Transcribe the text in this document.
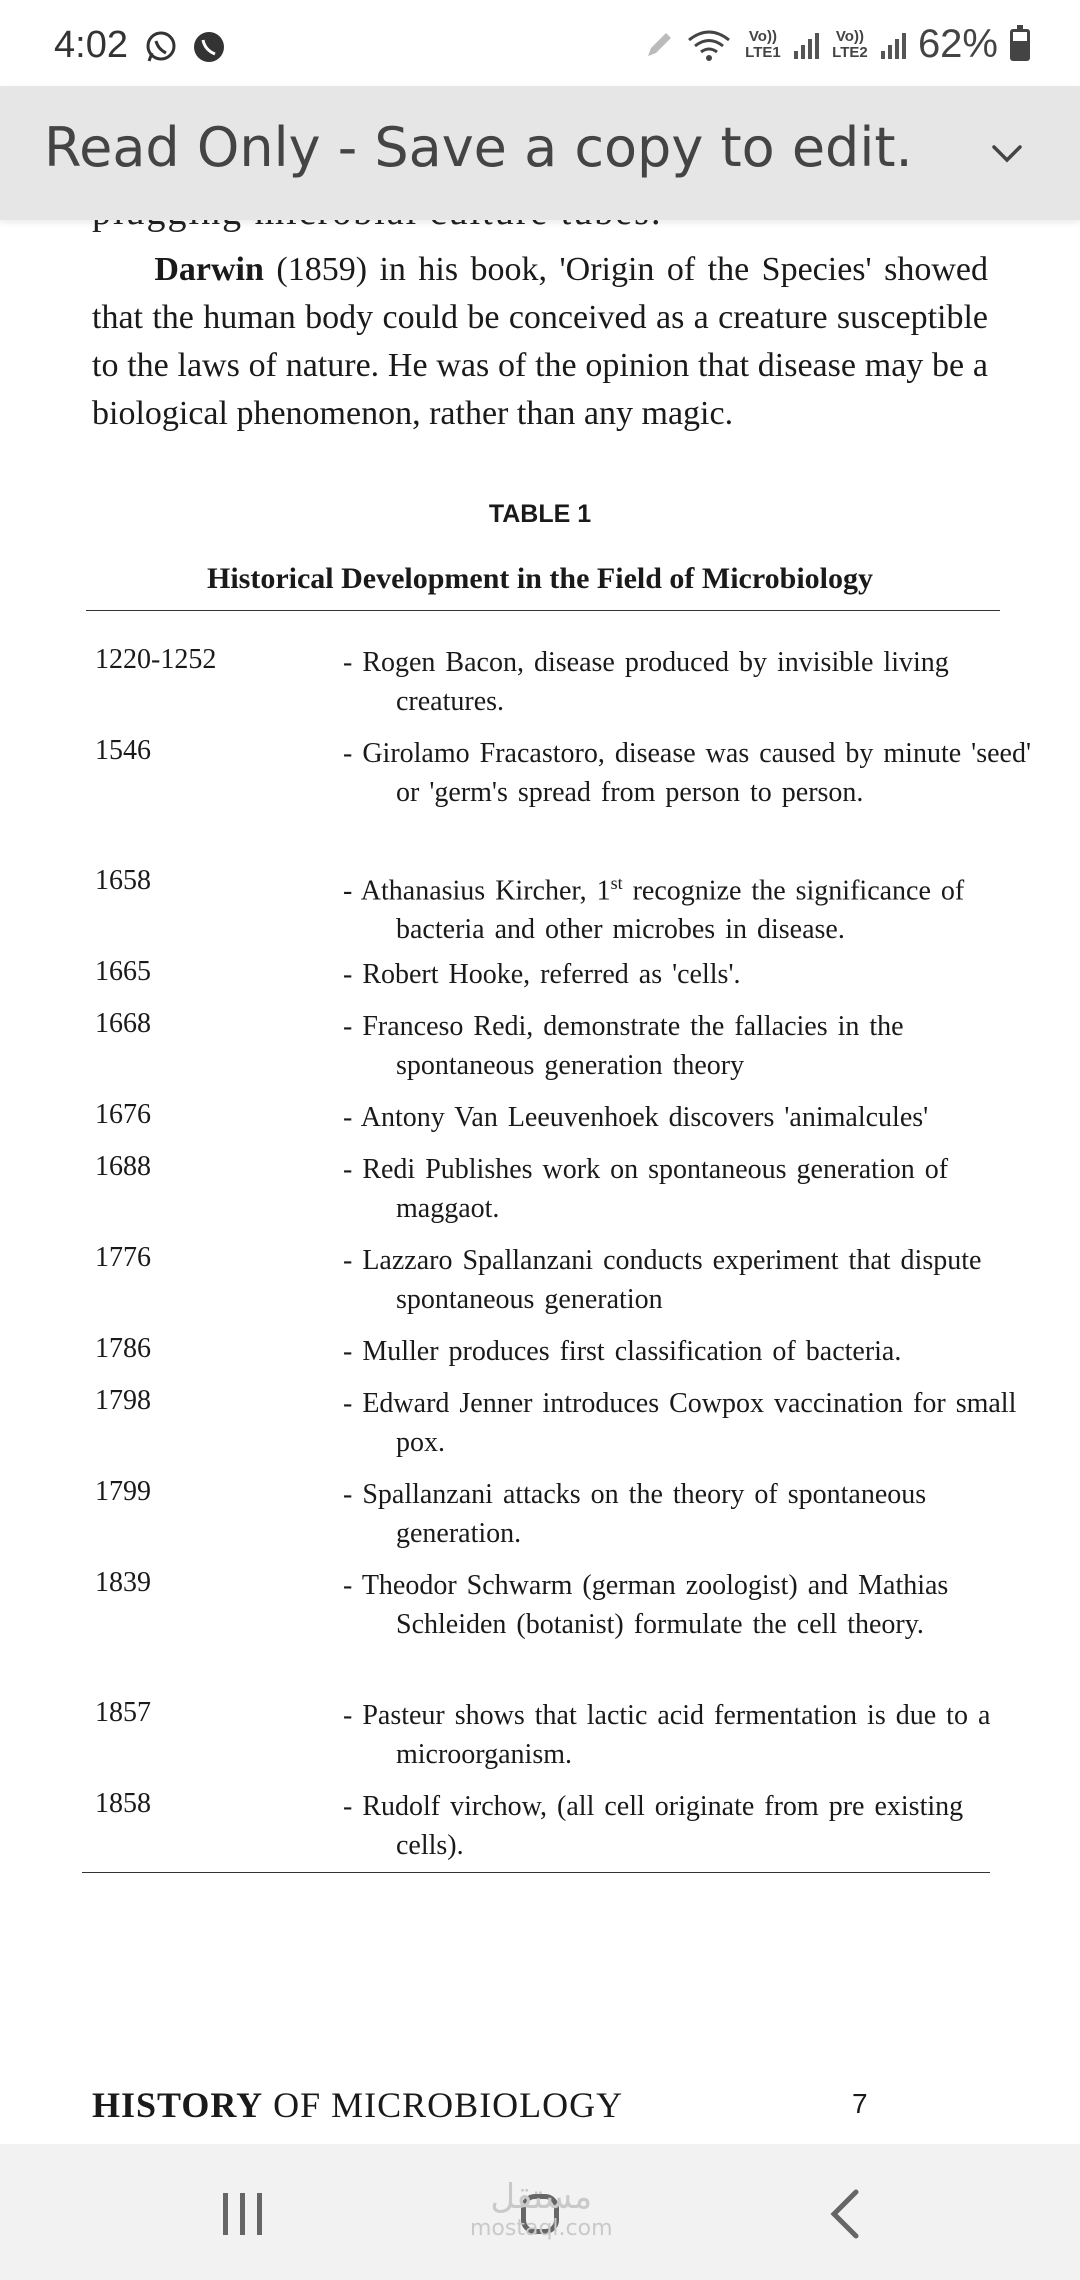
4:02	Vo)) LTE1
Vo)) LTE2 62%
Darwin (1859) in his book, 'Origin of the Species' showed that the human body could be conceived as a creature susceptible to the laws of nature. He was of the opinion that disease may be a biological phenomenon, rather than any magic.
TABLE 1
Historical Development in the Field of Microbiology
1220-1252	- Rogen Bacon, disease produced by invisible living creatures.
1546	- Girolamo Fracastoro, disease was caused by minute 'seed' or 'germ's spread from person to person.
1658	- Athanasius Kircher, 1st recognize the significance of bacteria and other microbes in disease.
1665	- Robert Hooke, referred as 'cells'.
1668	- Franceso Redi, demonstrate the fallacies in the spontaneous generation theory
1676	- Antony Van Leeuvenhoek discovers 'animalcules'
1688	- Redi Publishes work on spontaneous generation of maggaot.
1776	- Lazzaro Spallanzani conducts experiment that dispute spontaneous generation
1786	- Muller produces first classification of bacteria.
1798	- Edward Jenner introduces Cowpox vaccination for small pox.
1799	- Spallanzani attacks on the theory of spontaneous generation.
1839	- Theodor Schwarm (german zoologist) and Mathias Schleiden (botanist) formulate the cell theory.
1857	- Pasteur shows that lactic acid fermentation is due to a microorganism.
1858	- Rudolf virchow, (all cell originate from pre existing cells).
HISTORY OF MICROBIOLOGY	7
Read Only - Save a copy to edit.
مستقل
mostaql.com
